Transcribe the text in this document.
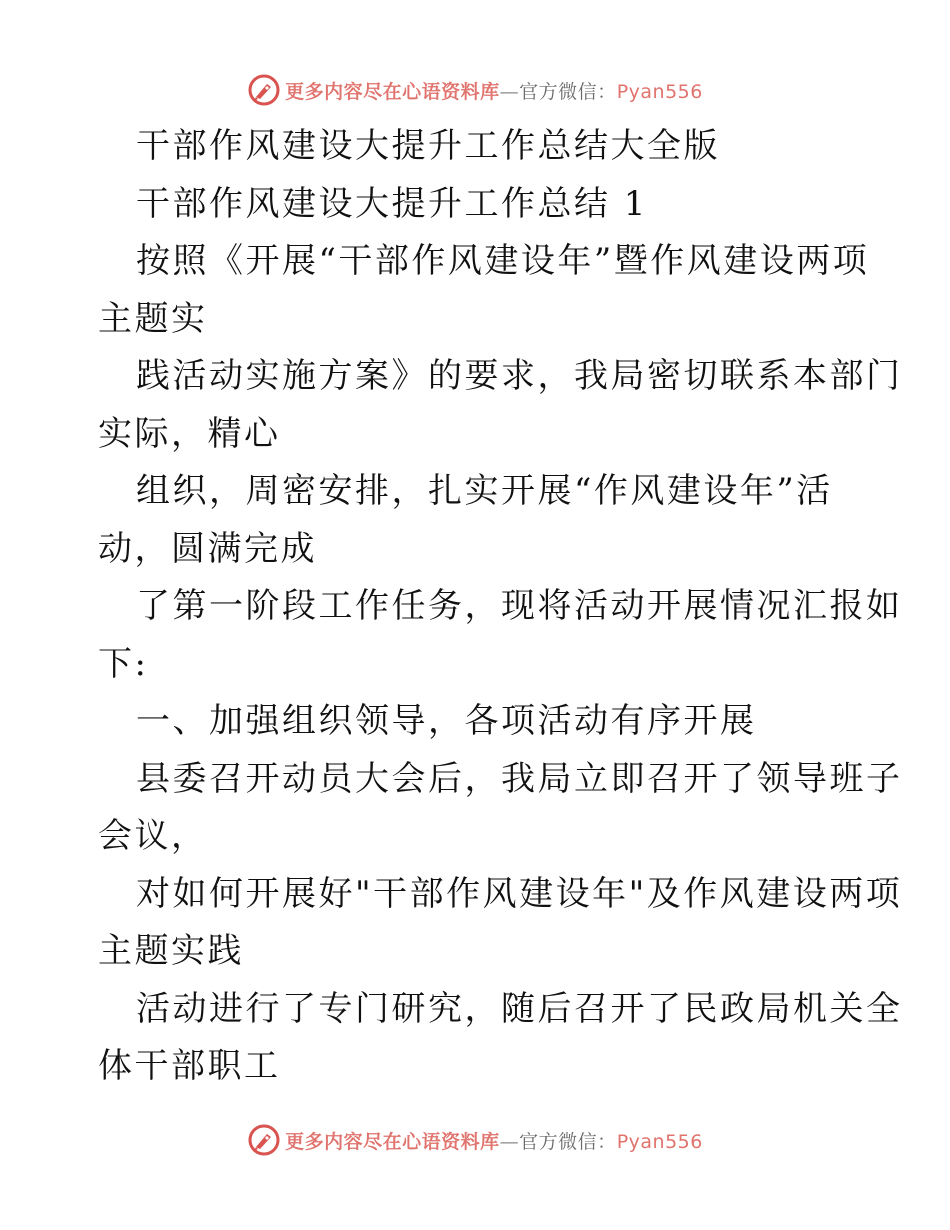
更多内容尽在心语资料库—官方微信：Pyan556
干部作风建设大提升工作总结大全版
干部作风建设大提升工作总结 1
按照《开展“干部作风建设年”暨作风建设两项
主题实
践活动实施方案》的要求，我局密切联系本部门
实际，精心
组织，周密安排，扎实开展“作风建设年”活
动，圆满完成
了第一阶段工作任务，现将活动开展情况汇报如
下:
一、加强组织领导，各项活动有序开展
县委召开动员大会后，我局立即召开了领导班子
会议，
对如何开展好"干部作风建设年"及作风建设两项
主题实践
活动进行了专门研究，随后召开了民政局机关全
体干部职工
更多内容尽在心语资料库—官方微信：Pyan556
